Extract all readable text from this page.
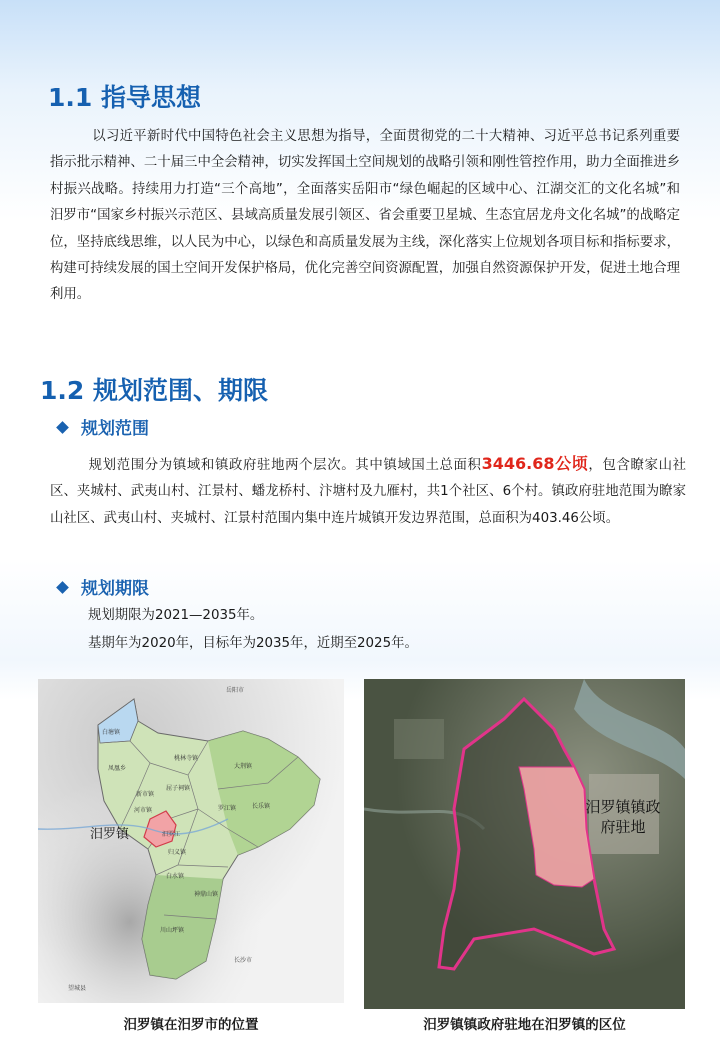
1.1 指导思想

以习近平新时代中国特色社会主义思想为指导，全面贯彻党的二十大精神、习近平总书记系列重要指示批示精神、二十届三中全会精神，切实发挥国土空间规划的战略引领和刚性管控作用，助力全面推进乡村振兴战略。持续用力打造“三个高地”，全面落实岳阳市“绿色崛起的区域中心、江湖交汇的文化名城”和汨罗市“国家乡村振兴示范区、县域高质量发展引领区、省会重要卫星城、生态宜居龙舟文化名城”的战略定位，坚持底线思维，以人民为中心，以绿色和高质量发展为主线，深化落实上位规划各项目标和指标要求，构建可持续发展的国土空间开发保护格局，优化完善空间资源配置，加强自然资源保护开发，促进土地合理利用。

1.2 规划范围、期限
规划范围

规划范围分为镇域和镇政府驻地两个层次。其中镇域国土总面积3446.68公顷，包含瞭家山社区、夹城村、武夷山村、江景村、蟠龙桥村、汴塘村及九雁村，共1个社区、6个村。镇政府驻地范围为瞭家山社区、武夷山村、夹城村、江景村范围内集中连片城镇开发边界范围，总面积为403.46公顷。

规划期限

规划期限为2021—2035年。

基期年为2020年，目标年为2035年，近期至2025年。

汨罗镇
岳阳市
白塘镇
凤凰乡
桃林寺镇
大荆镇
屈子祠镇
罗江镇	长乐镇
新市镇
河市镇
汨罗江
归义镇
白水镇
神鼎山镇
川山坪镇
长沙市
望城县
汨罗镇镇政
府驻地
汨罗镇在汨罗市的位置	汨罗镇镇政府驻地在汨罗镇的区位
